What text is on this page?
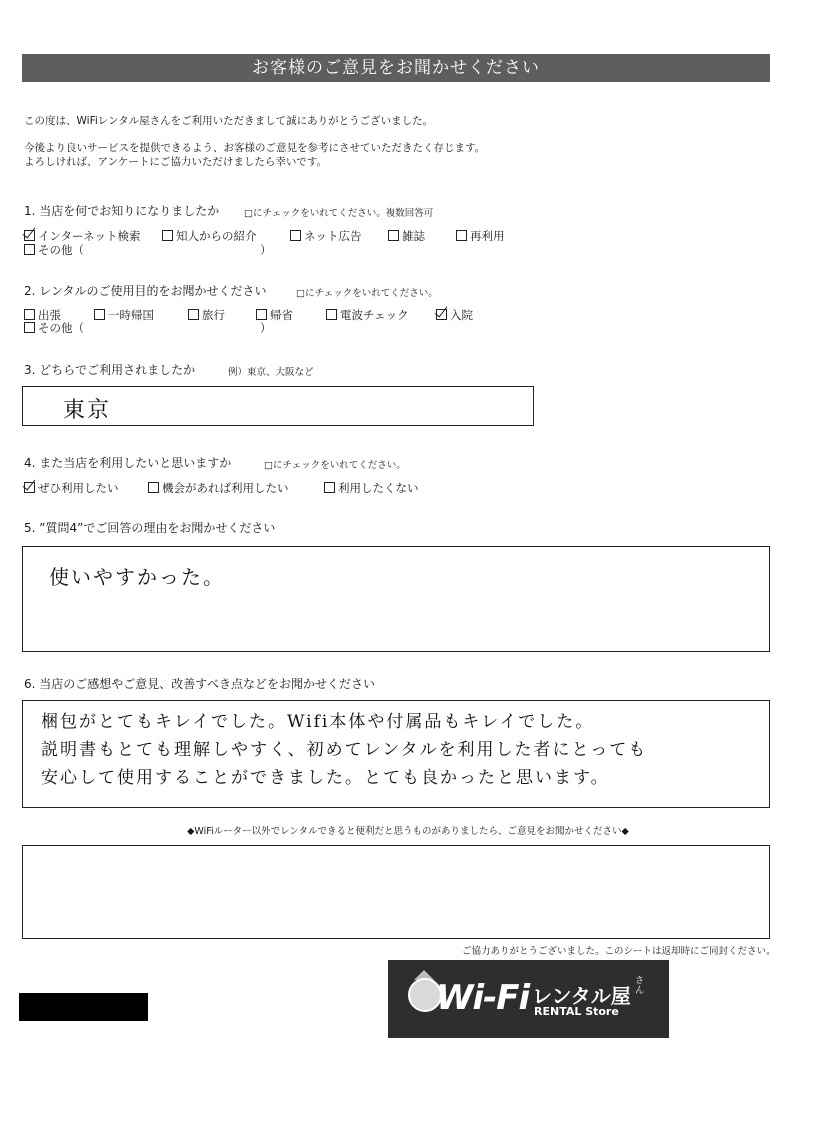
お客様のご意見をお聞かせください
この度は、WiFiレンタル屋さんをご利用いただきまして誠にありがとうございました。
今後より良いサービスを提供できるよう、お客様のご意見を参考にさせていただきたく存じます。
よろしければ、アンケートにご協力いただけましたら幸いです。
1. 当店を何でお知りになりましたか	□にチェックをいれてください。複数回答可
インターネット検索	知人からの紹介	ネット広告	雑誌	再利用
その他（	）
2. レンタルのご使用目的をお聞かせください	□にチェックをいれてください。
出張	一時帰国	旅行	帰省	電波チェック	入院
その他（	）
3. どちらでご利用されましたか	例）東京、大阪など
東京
4. また当店を利用したいと思いますか	□にチェックをいれてください。
ぜひ利用したい	機会があれば利用したい	利用したくない
5. ”質問4”でご回答の理由をお聞かせください
使いやすかった。
6. 当店のご感想やご意見、改善すべき点などをお聞かせください
梱包がとてもキレイでした。Wifi本体や付属品もキレイでした。
説明書もとても理解しやすく、初めてレンタルを利用した者にとっても
安心して使用することができました。とても良かったと思います。
◆WiFiルーター以外でレンタルできると便利だと思うものがありましたら、ご意見をお聞かせください◆
ご協力ありがとうございました。このシートは返却時にご同封ください。
Wi-Fi レンタル屋
さん
RENTAL Store
